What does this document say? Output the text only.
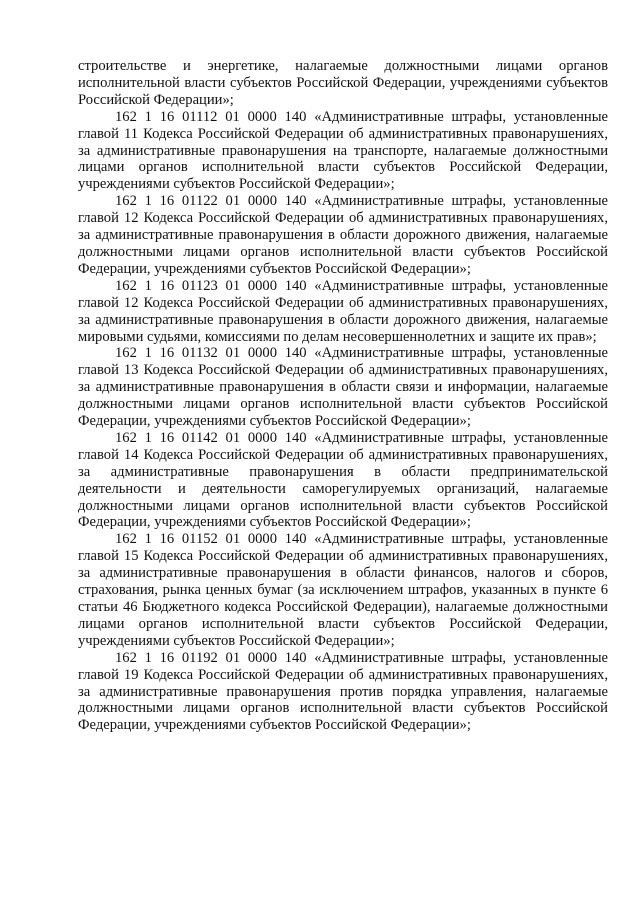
строительстве и энергетике, налагаемые должностными лицами органов исполнительной власти субъектов Российской Федерации, учреждениями субъектов Российской Федерации»;

162 1 16 01112 01 0000 140 «Административные штрафы, установленные главой 11 Кодекса Российской Федерации об административных правонарушениях, за административные правонарушения на транспорте, налагаемые должностными лицами органов исполнительной власти субъектов Российской Федерации, учреждениями субъектов Российской Федерации»;

162 1 16 01122 01 0000 140 «Административные штрафы, установленные главой 12 Кодекса Российской Федерации об административных правонарушениях, за административные правонарушения в области дорожного движения, налагаемые должностными лицами органов исполнительной власти субъектов Российской Федерации, учреждениями субъектов Российской Федерации»;

162 1 16 01123 01 0000 140 «Административные штрафы, установленные главой 12 Кодекса Российской Федерации об административных правонарушениях, за административные правонарушения в области дорожного движения, налагаемые мировыми судьями, комиссиями по делам несовершеннолетних и защите их прав»;

162 1 16 01132 01 0000 140 «Административные штрафы, установленные главой 13 Кодекса Российской Федерации об административных правонарушениях, за административные правонарушения в области связи и информации, налагаемые должностными лицами органов исполнительной власти субъектов Российской Федерации, учреждениями субъектов Российской Федерации»;

162 1 16 01142 01 0000 140 «Административные штрафы, установленные главой 14 Кодекса Российской Федерации об административных правонарушениях, за административные правонарушения в области предпринимательской деятельности и деятельности саморегулируемых организаций, налагаемые должностными лицами органов исполнительной власти субъектов Российской Федерации, учреждениями субъектов Российской Федерации»;

162 1 16 01152 01 0000 140 «Административные штрафы, установленные главой 15 Кодекса Российской Федерации об административных правонарушениях, за административные правонарушения в области финансов, налогов и сборов, страхования, рынка ценных бумаг (за исключением штрафов, указанных в пункте 6 статьи 46 Бюджетного кодекса Российской Федерации), налагаемые должностными лицами органов исполнительной власти субъектов Российской Федерации, учреждениями субъектов Российской Федерации»;

162 1 16 01192 01 0000 140 «Административные штрафы, установленные главой 19 Кодекса Российской Федерации об административных правонарушениях, за административные правонарушения против порядка управления, налагаемые должностными лицами органов исполнительной власти субъектов Российской Федерации, учреждениями субъектов Российской Федерации»;
